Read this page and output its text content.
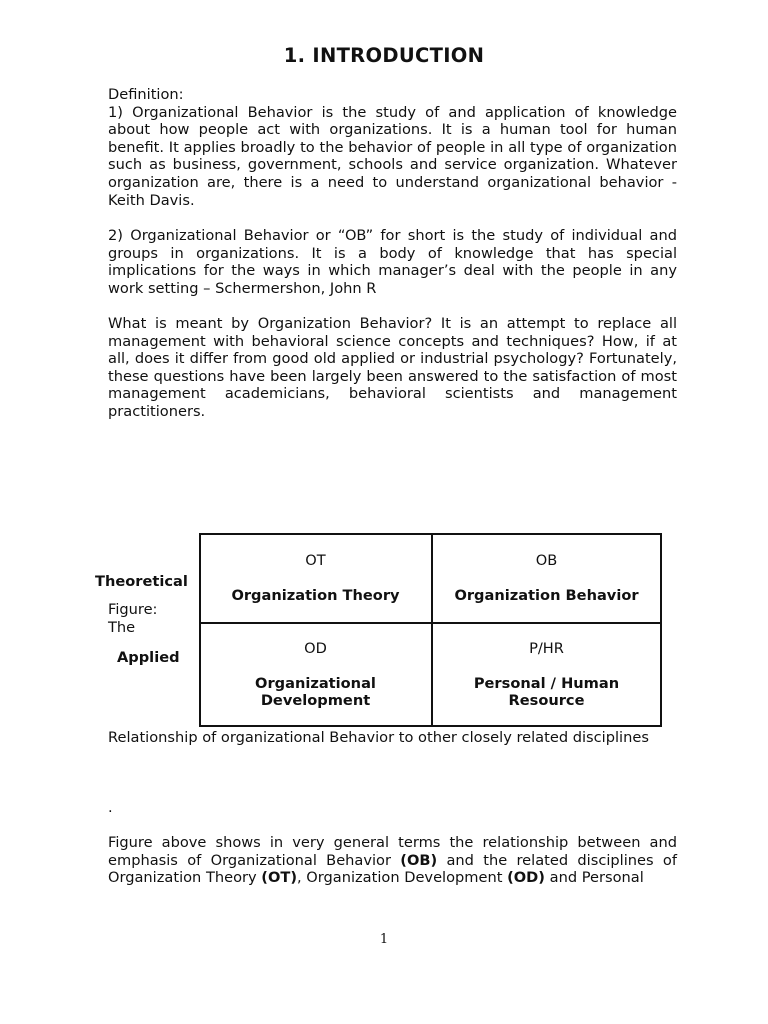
1. INTRODUCTION
Definition:
1) Organizational Behavior is the study of and application of knowledge about how people act with organizations. It is a human tool for human benefit. It applies broadly to the behavior of people in all type of organization such as business, government, schools and service organization. Whatever organization are, there is a need to understand organizational behavior - Keith Davis.

2) Organizational Behavior or “OB” for short is the study of individual and groups in organizations. It is a body of knowledge that has special implications for the ways in which manager’s deal with the people in any work setting – Schermershon, John R

What is meant by Organization Behavior? It is an attempt to replace all management with behavioral science concepts and techniques? How, if at all, does it differ from good old applied or industrial psychology? Fortunately, these questions have been largely been answered to the satisfaction of most management academicians, behavioral scientists and management practitioners.

Theoretical
Figure: The
Applied
OT
Organization Theory
OB
Organization Behavior
OD
Organizational Development
P/HR
Personal / Human Resource
Relationship of organizational Behavior to other closely related disciplines
.

Figure above shows in very general terms the relationship between and emphasis of Organizational Behavior (OB) and the related disciplines of Organization Theory (OT), Organization Development (OD) and Personal

1
